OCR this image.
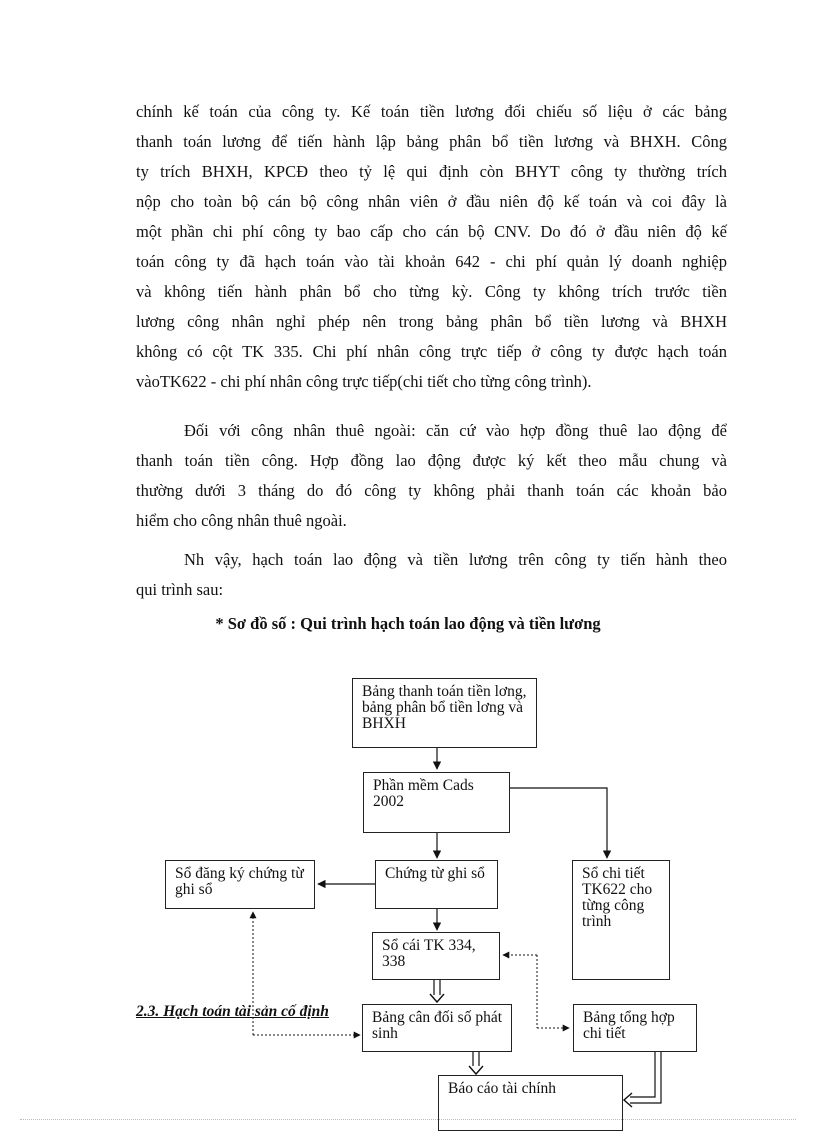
chính kế toán của công ty. Kế toán tiền lương đối chiếu số liệu ở các bảng
thanh toán lương để tiến hành lập bảng phân bổ tiền lương và BHXH. Công
ty trích BHXH, KPCĐ theo tỷ lệ qui định còn BHYT công ty thường trích
nộp cho toàn bộ cán bộ công nhân viên ở đầu niên độ kế toán và coi đây là
một phần chi phí công ty bao cấp cho cán bộ CNV. Do đó ở đầu niên độ kế
toán công ty đã hạch toán vào tài khoản 642 - chi phí quản lý doanh nghiệp
và không tiến hành phân bổ cho từng kỳ. Công ty không trích trước tiền
lương công nhân nghỉ phép nên trong bảng phân bổ tiền lương và BHXH
không có cột TK 335. Chi phí nhân công trực tiếp ở công ty được hạch toán
vàoTK622 - chi phí nhân công trực tiếp(chi tiết cho từng công trình).
Đối với công nhân thuê ngoài: căn cứ vào hợp đồng thuê lao động để
thanh toán tiền công. Hợp đồng lao động được ký kết theo mẫu chung và
thường dưới 3 tháng do đó công ty không phải thanh toán các khoản bảo
hiểm cho công nhân thuê ngoài.
Nh vậy, hạch toán lao động và tiền lương trên công ty tiến hành theo
qui trình sau:
* Sơ đồ số : Qui trình hạch toán lao động và tiền lương
Bảng thanh toán tiền lơng, bảng phân bổ tiền lơng và BHXH
Phần mềm Cads 2002
Sổ đăng ký chứng từ ghi sổ
Chứng từ ghi sổ	Sổ chi tiết TK622 cho từng công trình
Sổ cái TK 334, 338
2.3. Hạch toán tài sản cố định	Bảng cân đối số phát sinh
Bảng tổng hợp chi tiết
Báo cáo tài chính
